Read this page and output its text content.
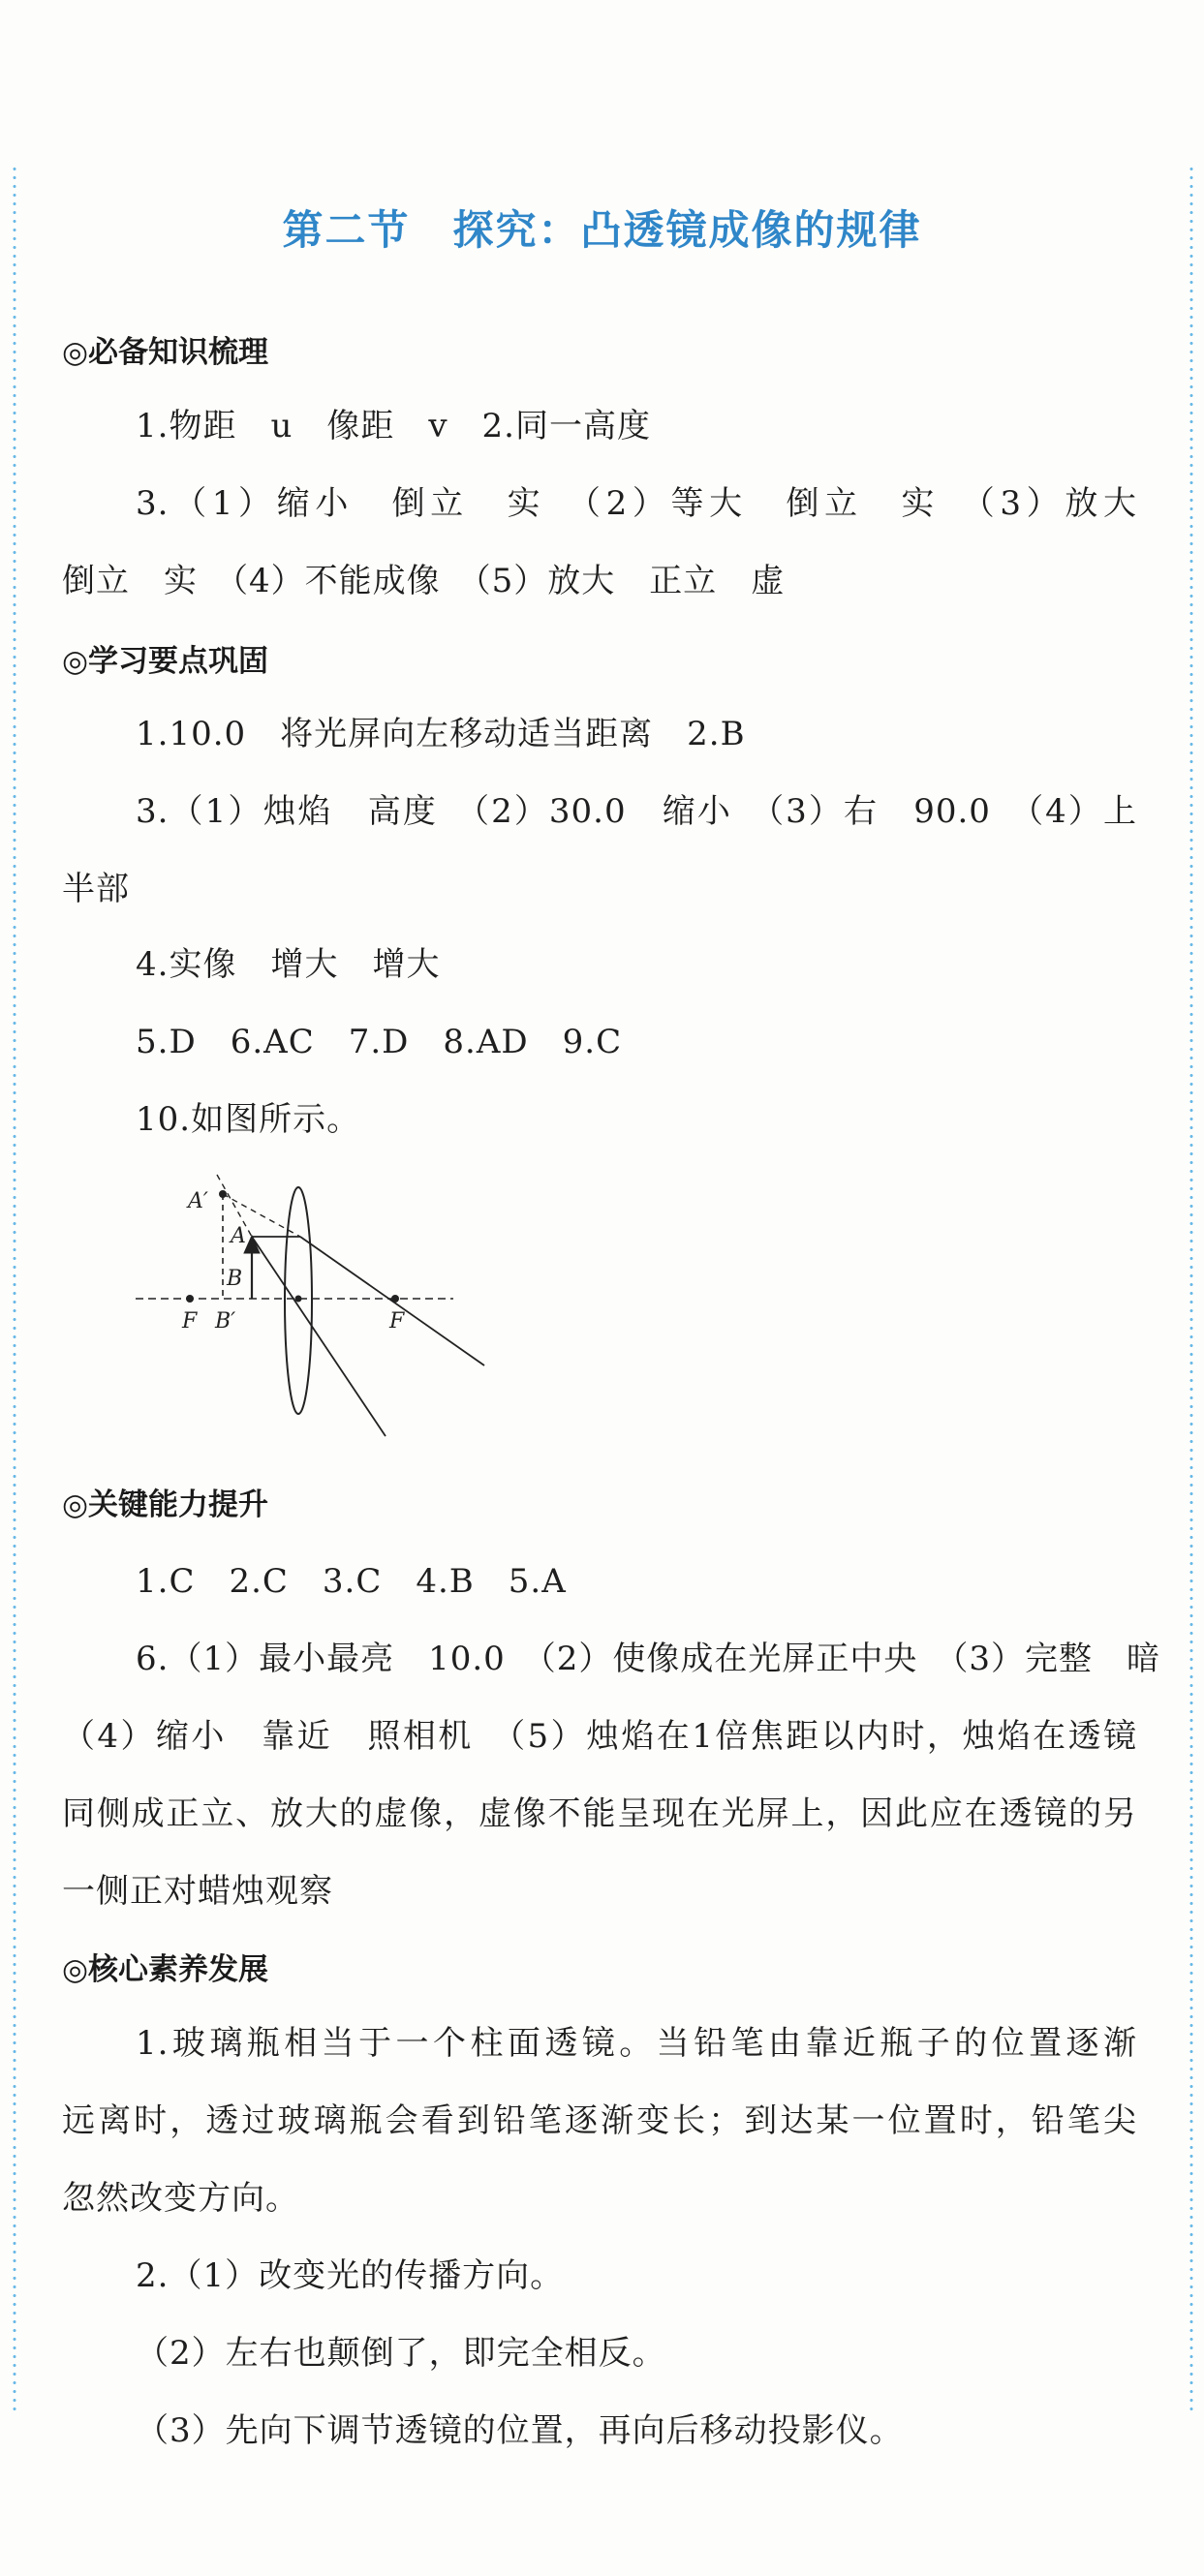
第二节　探究：凸透镜成像的规律
◎必备知识梳理
1.物距　u　像距　v　2.同一高度
3.（1）缩小　倒立　实　（2）等大　倒立　实　（3）放大
倒立　实　（4）不能成像　（5）放大　正立　虚
◎学习要点巩固
1.10.0　将光屏向左移动适当距离　2.B
3.（1）烛焰　高度　（2）30.0　缩小　（3）右　90.0　（4）上
半部
4.实像　增大　增大
5.D　6.AC　7.D　8.AD　9.C
10.如图所示。
A′
A
B
F B′	F
◎关键能力提升
1.C　2.C　3.C　4.B　5.A
6.（1）最小最亮　10.0　（2）使像成在光屏正中央　（3）完整　暗
（4）缩小　靠近　照相机　（5）烛焰在1倍焦距以内时，烛焰在透镜
同侧成正立、放大的虚像，虚像不能呈现在光屏上，因此应在透镜的另
一侧正对蜡烛观察
◎核心素养发展
1.玻璃瓶相当于一个柱面透镜。当铅笔由靠近瓶子的位置逐渐
远离时，透过玻璃瓶会看到铅笔逐渐变长；到达某一位置时，铅笔尖
忽然改变方向。
2.（1）改变光的传播方向。
（2）左右也颠倒了，即完全相反。
（3）先向下调节透镜的位置，再向后移动投影仪。
